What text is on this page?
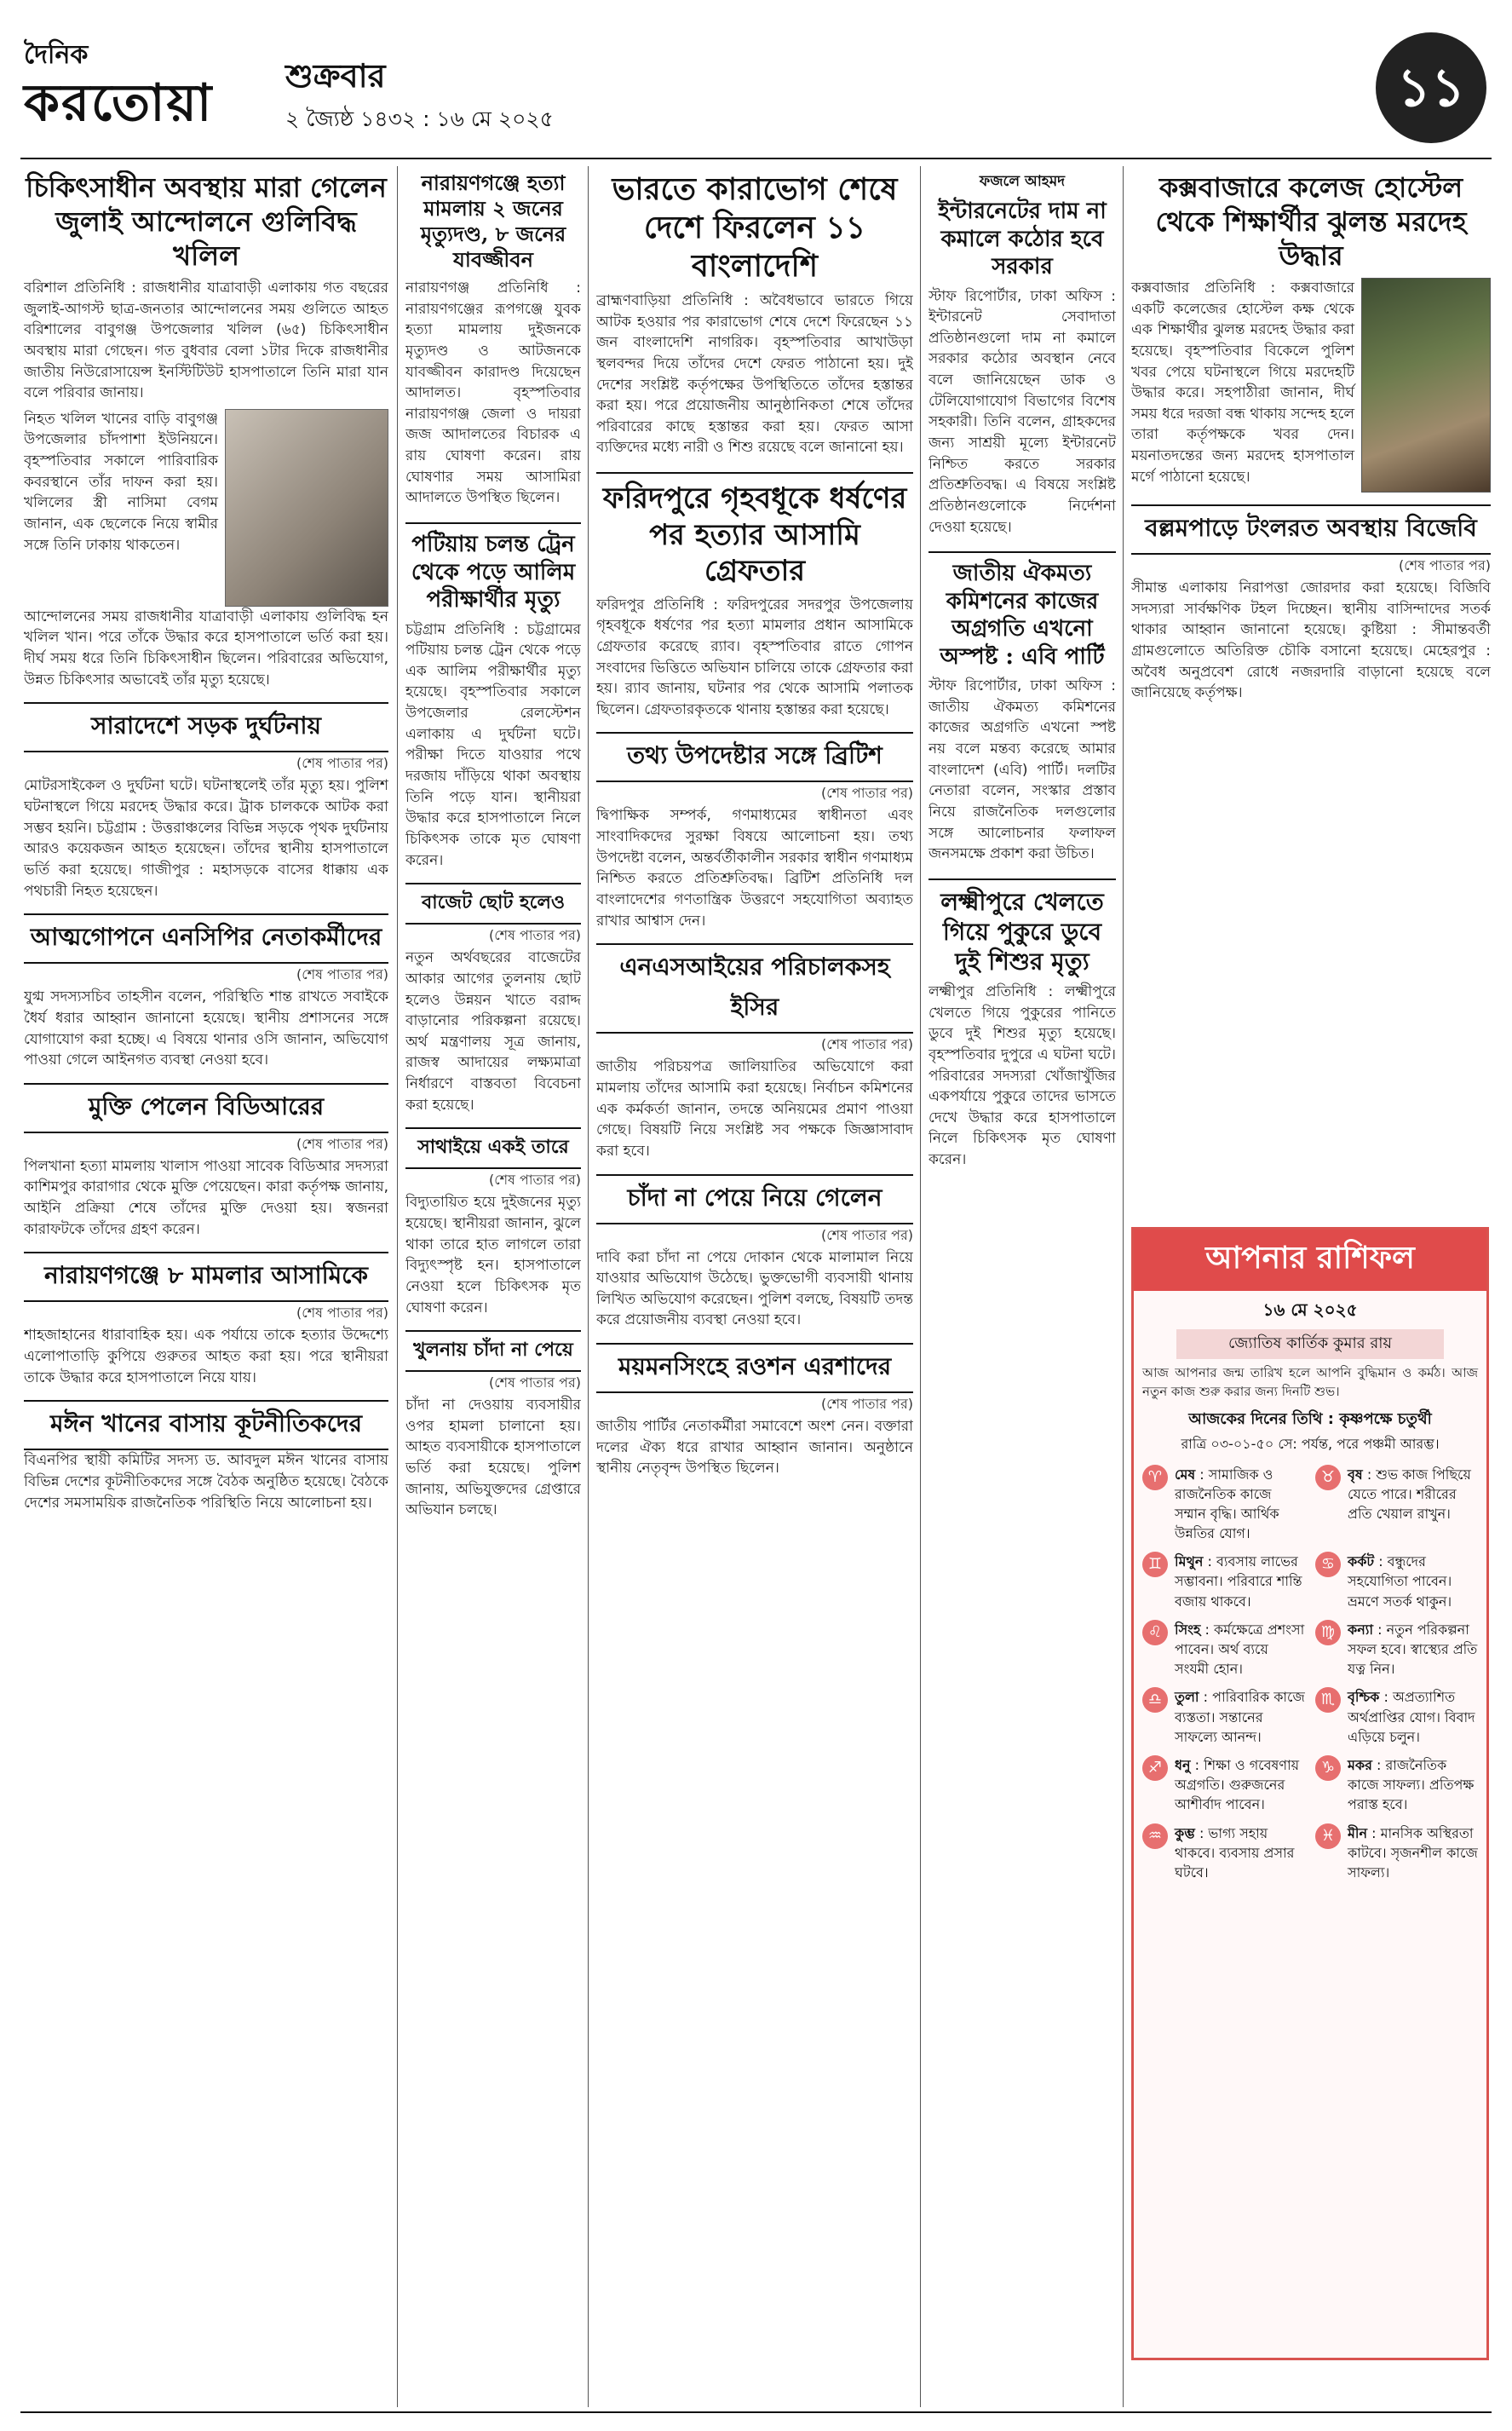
দৈনিক
করতোয়া	শুক্রবার
২ জ্যৈষ্ঠ ১৪৩২ : ১৬ মে ২০২৫
১১
চিকিৎসাধীন অবস্থায় মারা গেলেন জুলাই আন্দোলনে গুলিবিদ্ধ খলিল
বরিশাল প্রতিনিধি : রাজধানীর যাত্রাবাড়ী এলাকায় গত বছরের জুলাই-আগস্ট ছাত্র-জনতার আন্দোলনের সময় গুলিতে আহত বরিশালের বাবুগঞ্জ উপজেলার খলিল (৬৫) চিকিৎসাধীন অবস্থায় মারা গেছেন। গত বুধবার বেলা ১টার দিকে রাজধানীর জাতীয় নিউরোসায়েন্স ইনস্টিটিউট হাসপাতালে তিনি মারা যান বলে পরিবার জানায়।
নিহত খলিল খানের বাড়ি বাবুগঞ্জ উপজেলার চাঁদপাশা ইউনিয়নে। বৃহস্পতিবার সকালে পারিবারিক কবরস্থানে তাঁর দাফন করা হয়। খলিলের স্ত্রী নাসিমা বেগম জানান, এক ছেলেকে নিয়ে স্বামীর সঙ্গে তিনি ঢাকায় থাকতেন।
আন্দোলনের সময় রাজধানীর যাত্রাবাড়ী এলাকায় গুলিবিদ্ধ হন খলিল খান। পরে তাঁকে উদ্ধার করে হাসপাতালে ভর্তি করা হয়। দীর্ঘ সময় ধরে তিনি চিকিৎসাধীন ছিলেন। পরিবারের অভিযোগ, উন্নত চিকিৎসার অভাবেই তাঁর মৃত্যু হয়েছে।
সারাদেশে সড়ক দুর্ঘটনায়
(শেষ পাতার পর)
মোটরসাইকেল ও দুর্ঘটনা ঘটে। ঘটনাস্থলেই তাঁর মৃত্যু হয়। পুলিশ ঘটনাস্থলে গিয়ে মরদেহ উদ্ধার করে। ট্রাক চালককে আটক করা সম্ভব হয়নি। চট্টগ্রাম : উত্তরাঞ্চলের বিভিন্ন সড়কে পৃথক দুর্ঘটনায় আরও কয়েকজন আহত হয়েছেন। তাঁদের স্থানীয় হাসপাতালে ভর্তি করা হয়েছে। গাজীপুর : মহাসড়কে বাসের ধাক্কায় এক পথচারী নিহত হয়েছেন।
আত্মগোপনে এনসিপির নেতাকর্মীদের
(শেষ পাতার পর)
যুগ্ম সদস্যসচিব তাহসীন বলেন, পরিস্থিতি শান্ত রাখতে সবাইকে ধৈর্য ধরার আহ্বান জানানো হয়েছে। স্থানীয় প্রশাসনের সঙ্গে যোগাযোগ করা হচ্ছে। এ বিষয়ে থানার ওসি জানান, অভিযোগ পাওয়া গেলে আইনগত ব্যবস্থা নেওয়া হবে।
মুক্তি পেলেন বিডিআরের
(শেষ পাতার পর)
পিলখানা হত্যা মামলায় খালাস পাওয়া সাবেক বিডিআর সদস্যরা কাশিমপুর কারাগার থেকে মুক্তি পেয়েছেন। কারা কর্তৃপক্ষ জানায়, আইনি প্রক্রিয়া শেষে তাঁদের মুক্তি দেওয়া হয়। স্বজনরা কারাফটকে তাঁদের গ্রহণ করেন।
নারায়ণগঞ্জে ৮ মামলার আসামিকে
(শেষ পাতার পর)
শাহজাহানের ধারাবাহিক হয়। এক পর্যায়ে তাকে হত্যার উদ্দেশ্যে এলোপাতাড়ি কুপিয়ে গুরুতর আহত করা হয়। পরে স্থানীয়রা তাকে উদ্ধার করে হাসপাতালে নিয়ে যায়।
মঈন খানের বাসায় কূটনীতিকদের
বিএনপির স্থায়ী কমিটির সদস্য ড. আবদুল মঈন খানের বাসায় বিভিন্ন দেশের কূটনীতিকদের সঙ্গে বৈঠক অনুষ্ঠিত হয়েছে। বৈঠকে দেশের সমসাময়িক রাজনৈতিক পরিস্থিতি নিয়ে আলোচনা হয়।
নারায়ণগঞ্জে হত্যা মামলায় ২ জনের মৃত্যুদণ্ড, ৮ জনের যাবজ্জীবন
নারায়ণগঞ্জ প্রতিনিধি : নারায়ণগঞ্জের রূপগঞ্জে যুবক হত্যা মামলায় দুইজনকে মৃত্যুদণ্ড ও আটজনকে যাবজ্জীবন কারাদণ্ড দিয়েছেন আদালত। বৃহস্পতিবার নারায়ণগঞ্জ জেলা ও দায়রা জজ আদালতের বিচারক এ রায় ঘোষণা করেন। রায় ঘোষণার সময় আসামিরা আদালতে উপস্থিত ছিলেন।
পটিয়ায় চলন্ত ট্রেন থেকে পড়ে আলিম পরীক্ষার্থীর মৃত্যু
চট্টগ্রাম প্রতিনিধি : চট্টগ্রামের পটিয়ায় চলন্ত ট্রেন থেকে পড়ে এক আলিম পরীক্ষার্থীর মৃত্যু হয়েছে। বৃহস্পতিবার সকালে উপজেলার রেলস্টেশন এলাকায় এ দুর্ঘটনা ঘটে। পরীক্ষা দিতে যাওয়ার পথে দরজায় দাঁড়িয়ে থাকা অবস্থায় তিনি পড়ে যান। স্থানীয়রা উদ্ধার করে হাসপাতালে নিলে চিকিৎসক তাকে মৃত ঘোষণা করেন।
বাজেট ছোট হলেও
(শেষ পাতার পর)
নতুন অর্থবছরের বাজেটের আকার আগের তুলনায় ছোট হলেও উন্নয়ন খাতে বরাদ্দ বাড়ানোর পরিকল্পনা রয়েছে। অর্থ মন্ত্রণালয় সূত্র জানায়, রাজস্ব আদায়ের লক্ষ্যমাত্রা নির্ধারণে বাস্তবতা বিবেচনা করা হয়েছে।
সাথাইয়ে একই তারে
(শেষ পাতার পর)
বিদ্যুতায়িত হয়ে দুইজনের মৃত্যু হয়েছে। স্থানীয়রা জানান, ঝুলে থাকা তারে হাত লাগলে তারা বিদ্যুৎস্পৃষ্ট হন। হাসপাতালে নেওয়া হলে চিকিৎসক মৃত ঘোষণা করেন।
খুলনায় চাঁদা না পেয়ে
(শেষ পাতার পর)
চাঁদা না দেওয়ায় ব্যবসায়ীর ওপর হামলা চালানো হয়। আহত ব্যবসায়ীকে হাসপাতালে ভর্তি করা হয়েছে। পুলিশ জানায়, অভিযুক্তদের গ্রেপ্তারে অভিযান চলছে।
ভারতে কারাভোগ শেষে দেশে ফিরলেন ১১ বাংলাদেশি
ব্রাহ্মণবাড়িয়া প্রতিনিধি : অবৈধভাবে ভারতে গিয়ে আটক হওয়ার পর কারাভোগ শেষে দেশে ফিরেছেন ১১ জন বাংলাদেশি নাগরিক। বৃহস্পতিবার আখাউড়া স্থলবন্দর দিয়ে তাঁদের দেশে ফেরত পাঠানো হয়। দুই দেশের সংশ্লিষ্ট কর্তৃপক্ষের উপস্থিতিতে তাঁদের হস্তান্তর করা হয়। পরে প্রয়োজনীয় আনুষ্ঠানিকতা শেষে তাঁদের পরিবারের কাছে হস্তান্তর করা হয়। ফেরত আসা ব্যক্তিদের মধ্যে নারী ও শিশু রয়েছে বলে জানানো হয়।
ফরিদপুরে গৃহবধূকে ধর্ষণের পর হত্যার আসামি গ্রেফতার
ফরিদপুর প্রতিনিধি : ফরিদপুরের সদরপুর উপজেলায় গৃহবধূকে ধর্ষণের পর হত্যা মামলার প্রধান আসামিকে গ্রেফতার করেছে র‌্যাব। বৃহস্পতিবার রাতে গোপন সংবাদের ভিত্তিতে অভিযান চালিয়ে তাকে গ্রেফতার করা হয়। র‌্যাব জানায়, ঘটনার পর থেকে আসামি পলাতক ছিলেন। গ্রেফতারকৃতকে থানায় হস্তান্তর করা হয়েছে।
তথ্য উপদেষ্টার সঙ্গে ব্রিটিশ
(শেষ পাতার পর)
দ্বিপাক্ষিক সম্পর্ক, গণমাধ্যমের স্বাধীনতা এবং সাংবাদিকদের সুরক্ষা বিষয়ে আলোচনা হয়। তথ্য উপদেষ্টা বলেন, অন্তর্বর্তীকালীন সরকার স্বাধীন গণমাধ্যম নিশ্চিত করতে প্রতিশ্রুতিবদ্ধ। ব্রিটিশ প্রতিনিধি দল বাংলাদেশের গণতান্ত্রিক উত্তরণে সহযোগিতা অব্যাহত রাখার আশ্বাস দেন।
এনএসআইয়ের পরিচালকসহ ইসির
(শেষ পাতার পর)
জাতীয় পরিচয়পত্র জালিয়াতির অভিযোগে করা মামলায় তাঁদের আসামি করা হয়েছে। নির্বাচন কমিশনের এক কর্মকর্তা জানান, তদন্তে অনিয়মের প্রমাণ পাওয়া গেছে। বিষয়টি নিয়ে সংশ্লিষ্ট সব পক্ষকে জিজ্ঞাসাবাদ করা হবে।
চাঁদা না পেয়ে নিয়ে গেলেন
(শেষ পাতার পর)
দাবি করা চাঁদা না পেয়ে দোকান থেকে মালামাল নিয়ে যাওয়ার অভিযোগ উঠেছে। ভুক্তভোগী ব্যবসায়ী থানায় লিখিত অভিযোগ করেছেন। পুলিশ বলছে, বিষয়টি তদন্ত করে প্রয়োজনীয় ব্যবস্থা নেওয়া হবে।
ময়মনসিংহে রওশন এরশাদের
(শেষ পাতার পর)
জাতীয় পার্টির নেতাকর্মীরা সমাবেশে অংশ নেন। বক্তারা দলের ঐক্য ধরে রাখার আহ্বান জানান। অনুষ্ঠানে স্থানীয় নেতৃবৃন্দ উপস্থিত ছিলেন।
ফজলে আহমদ
ইন্টারনেটের দাম না কমালে কঠোর হবে সরকার
স্টাফ রিপোর্টার, ঢাকা অফিস : ইন্টারনেট সেবাদাতা প্রতিষ্ঠানগুলো দাম না কমালে সরকার কঠোর অবস্থান নেবে বলে জানিয়েছেন ডাক ও টেলিযোগাযোগ বিভাগের বিশেষ সহকারী। তিনি বলেন, গ্রাহকদের জন্য সাশ্রয়ী মূল্যে ইন্টারনেট নিশ্চিত করতে সরকার প্রতিশ্রুতিবদ্ধ। এ বিষয়ে সংশ্লিষ্ট প্রতিষ্ঠানগুলোকে নির্দেশনা দেওয়া হয়েছে।
জাতীয় ঐকমত্য কমিশনের কাজের অগ্রগতি এখনো অস্পষ্ট : এবি পার্টি
স্টাফ রিপোর্টার, ঢাকা অফিস : জাতীয় ঐকমত্য কমিশনের কাজের অগ্রগতি এখনো স্পষ্ট নয় বলে মন্তব্য করেছে আমার বাংলাদেশ (এবি) পার্টি। দলটির নেতারা বলেন, সংস্কার প্রস্তাব নিয়ে রাজনৈতিক দলগুলোর সঙ্গে আলোচনার ফলাফল জনসমক্ষে প্রকাশ করা উচিত।
লক্ষ্মীপুরে খেলতে গিয়ে পুকুরে ডুবে দুই শিশুর মৃত্যু
লক্ষ্মীপুর প্রতিনিধি : লক্ষ্মীপুরে খেলতে গিয়ে পুকুরের পানিতে ডুবে দুই শিশুর মৃত্যু হয়েছে। বৃহস্পতিবার দুপুরে এ ঘটনা ঘটে। পরিবারের সদস্যরা খোঁজাখুঁজির একপর্যায়ে পুকুরে তাদের ভাসতে দেখে উদ্ধার করে হাসপাতালে নিলে চিকিৎসক মৃত ঘোষণা করেন।
কক্সবাজারে কলেজ হোস্টেল থেকে শিক্ষার্থীর ঝুলন্ত মরদেহ উদ্ধার
কক্সবাজার প্রতিনিধি : কক্সবাজারে একটি কলেজের হোস্টেল কক্ষ থেকে এক শিক্ষার্থীর ঝুলন্ত মরদেহ উদ্ধার করা হয়েছে। বৃহস্পতিবার বিকেলে পুলিশ খবর পেয়ে ঘটনাস্থলে গিয়ে মরদেহটি উদ্ধার করে। সহপাঠীরা জানান, দীর্ঘ সময় ধরে দরজা বন্ধ থাকায় সন্দেহ হলে তারা কর্তৃপক্ষকে খবর দেন। ময়নাতদন্তের জন্য মরদেহ হাসপাতাল মর্গে পাঠানো হয়েছে।
বল্লমপাড়ে টংলরত অবস্থায় বিজেবি
(শেষ পাতার পর)
সীমান্ত এলাকায় নিরাপত্তা জোরদার করা হয়েছে। বিজিবি সদস্যরা সার্বক্ষণিক টহল দিচ্ছেন। স্থানীয় বাসিন্দাদের সতর্ক থাকার আহ্বান জানানো হয়েছে। কুষ্টিয়া : সীমান্তবর্তী গ্রামগুলোতে অতিরিক্ত চৌকি বসানো হয়েছে। মেহেরপুর : অবৈধ অনুপ্রবেশ রোধে নজরদারি বাড়ানো হয়েছে বলে জানিয়েছে কর্তৃপক্ষ।
আপনার রাশিফল
১৬ মে ২০২৫
জ্যোতিষ কার্তিক কুমার রায়
আজ আপনার জন্ম তারিখ হলে আপনি বুদ্ধিমান ও কর্মঠ। আজ নতুন কাজ শুরু করার জন্য দিনটি শুভ।
আজকের দিনের তিথি : কৃষ্ণপক্ষে চতুর্থী
রাত্রি ০৩-০১-৫০ সে: পর্যন্ত, পরে পঞ্চমী আরম্ভ।
♈ মেষ : সামাজিক ও রাজনৈতিক কাজে সম্মান বৃদ্ধি। আর্থিক উন্নতির যোগ।
♉ বৃষ : শুভ কাজ পিছিয়ে যেতে পারে। শরীরের প্রতি খেয়াল রাখুন।
♊ মিথুন : ব্যবসায় লাভের সম্ভাবনা। পরিবারে শান্তি বজায় থাকবে।
♋ কর্কট : বন্ধুদের সহযোগিতা পাবেন। ভ্রমণে সতর্ক থাকুন।
♌ সিংহ : কর্মক্ষেত্রে প্রশংসা পাবেন। অর্থ ব্যয়ে সংযমী হোন।
♍ কন্যা : নতুন পরিকল্পনা সফল হবে। স্বাস্থ্যের প্রতি যত্ন নিন।
♎ তুলা : পারিবারিক কাজে ব্যস্ততা। সন্তানের সাফল্যে আনন্দ।
♏ বৃশ্চিক : অপ্রত্যাশিত অর্থপ্রাপ্তির যোগ। বিবাদ এড়িয়ে চলুন।
♐ ধনু : শিক্ষা ও গবেষণায় অগ্রগতি। গুরুজনের আশীর্বাদ পাবেন।
♑ মকর : রাজনৈতিক কাজে সাফল্য। প্রতিপক্ষ পরাস্ত হবে।
♒ কুম্ভ : ভাগ্য সহায় থাকবে। ব্যবসায় প্রসার ঘটবে।
♓ মীন : মানসিক অস্থিরতা কাটবে। সৃজনশীল কাজে সাফল্য।
